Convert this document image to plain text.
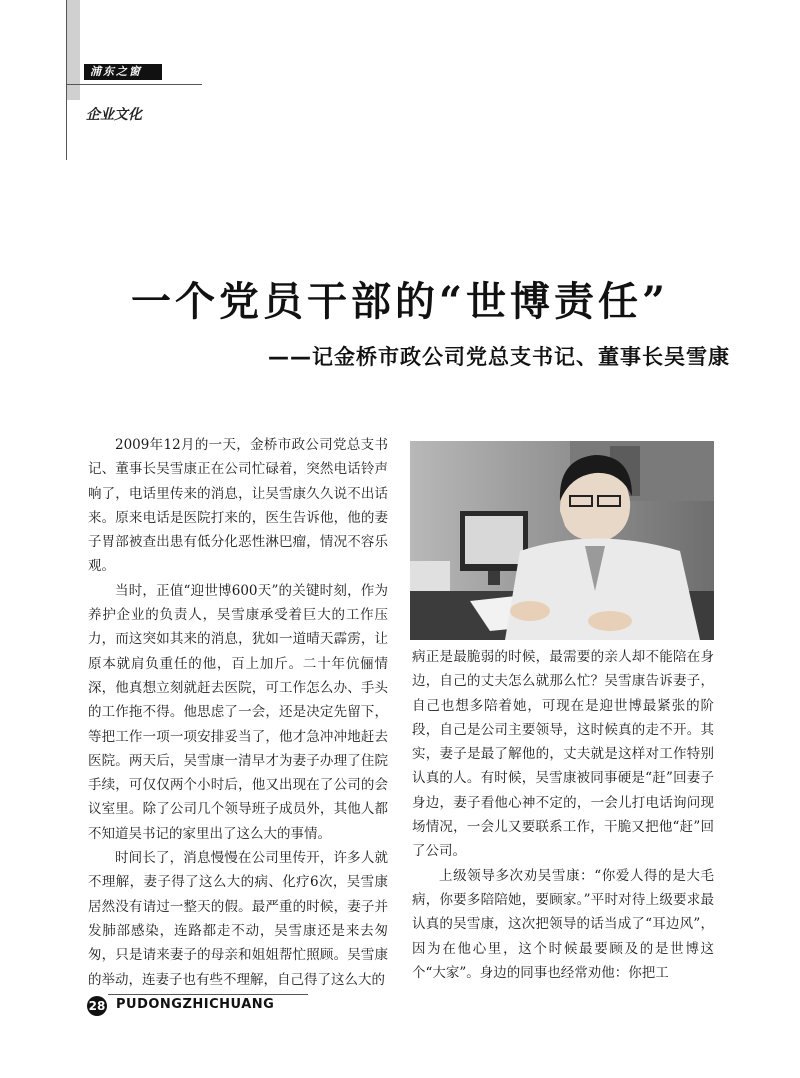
浦东之窗
企业文化
一个党员干部的“世博责任”
——记金桥市政公司党总支书记、董事长吴雪康

2009年12月的一天，金桥市政公司党总支书记、董事长吴雪康正在公司忙碌着，突然电话铃声响了，电话里传来的消息，让吴雪康久久说不出话来。原来电话是医院打来的，医生告诉他，他的妻子胃部被查出患有低分化恶性淋巴瘤，情况不容乐观。

当时，正值“迎世博600天”的关键时刻，作为养护企业的负责人，吴雪康承受着巨大的工作压力，而这突如其来的消息，犹如一道晴天霹雳，让原本就肩负重任的他，百上加斤。二十年伉俪情深，他真想立刻就赶去医院，可工作怎么办、手头的工作拖不得。他思虑了一会，还是决定先留下，等把工作一项一项安排妥当了，他才急冲冲地赶去医院。两天后，吴雪康一清早才为妻子办理了住院手续，可仅仅两个小时后，他又出现在了公司的会议室里。除了公司几个领导班子成员外，其他人都不知道吴书记的家里出了这么大的事情。

时间长了，消息慢慢在公司里传开，许多人就不理解，妻子得了这么大的病、化疗6次，吴雪康居然没有请过一整天的假。最严重的时候，妻子并发肺部感染，连路都走不动，吴雪康还是来去匆匆，只是请来妻子的母亲和姐姐帮忙照顾。吴雪康的举动，连妻子也有些不理解，自己得了这么大的

病正是最脆弱的时候，最需要的亲人却不能陪在身边，自己的丈夫怎么就那么忙？吴雪康告诉妻子，自己也想多陪着她，可现在是迎世博最紧张的阶段，自己是公司主要领导，这时候真的走不开。其实，妻子是最了解他的，丈夫就是这样对工作特别认真的人。有时候，吴雪康被同事硬是“赶”回妻子身边，妻子看他心神不定的，一会儿打电话询问现场情况，一会儿又要联系工作，干脆又把他“赶”回了公司。

上级领导多次劝吴雪康：“你爱人得的是大毛病，你要多陪陪她，要顾家。”平时对待上级要求最认真的吴雪康，这次把领导的话当成了“耳边风”，因为在他心里，这个时候最要顾及的是世博这个“大家”。身边的同事也经常劝他：你把工

28 PUDONGZHICHUANG
